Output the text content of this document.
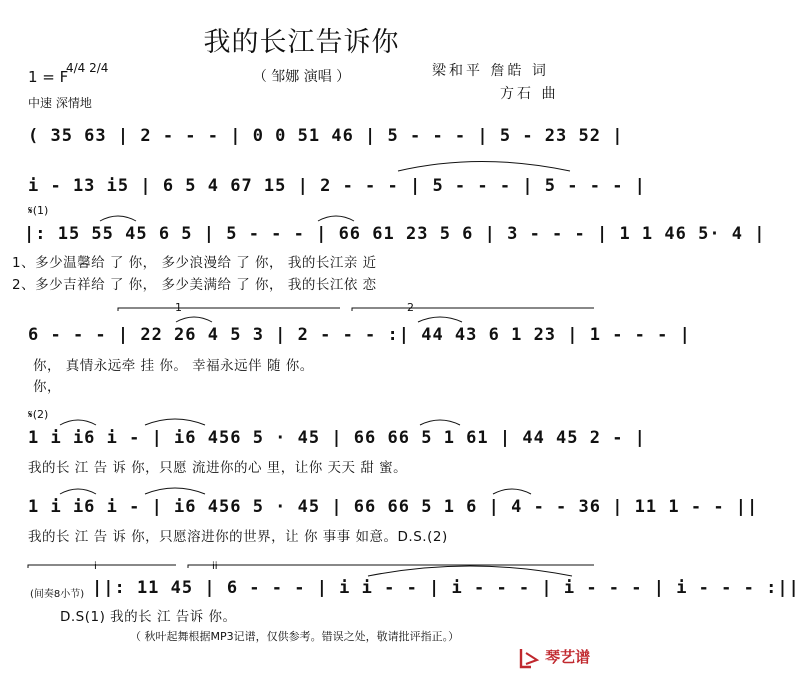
我的长江告诉你
（ 邹娜 演唱 ）
1 = F
4/4 2/4
中速 深情地
梁和平 詹皓 词
方石 曲
( 35 63 | 2 - - - | 0 0 51 46 | 5 - - - | 5 - 23 52 |
i - 13 i5 | 6 5 4 67 15 | 2 - - - | 5 - - - | 5 - - - |
𝄋(1)
|: 15 55 45 6 5 | 5 - - - | 66 61 23 5 6 | 3 - - - | 1 1 46 5· 4 |
1、多少温馨给 了 你， 多少浪漫给 了 你， 我的长江亲 近
2、多少吉祥给 了 你， 多少美满给 了 你， 我的长江依 恋
1	2
6 - - - | 22 26 4 5 3 | 2 - - - :| 44 43 6 1 23 | 1 - - - |
你， 真情永远牵 挂 你。 幸福永远伴 随 你。
你，
𝄋(2)
1 i i6 i - | i6 456 5 · 45 | 66 66 5 1 61 | 44 45 2 - |
我的长 江 告 诉 你，只愿 流进你的心 里，让你 天天 甜 蜜。
1 i i6 i - | i6 456 5 · 45 | 66 66 5 1 6 | 4 - - 36 | 11 1 - - ||
我的长 江 告 诉 你，只愿溶进你的世界，让 你 事事 如意。D.S.(2)
(间奏8小节) ||: 11 45 | 6 - - - | i i - - | i - - - | i - - - | i - - - :||
D.S(1) 我的长 江 告诉 你。
（ 秋叶起舞根据MP3记谱，仅供参考。错误之处，敬请批评指正。）
琴艺谱
i	ii
